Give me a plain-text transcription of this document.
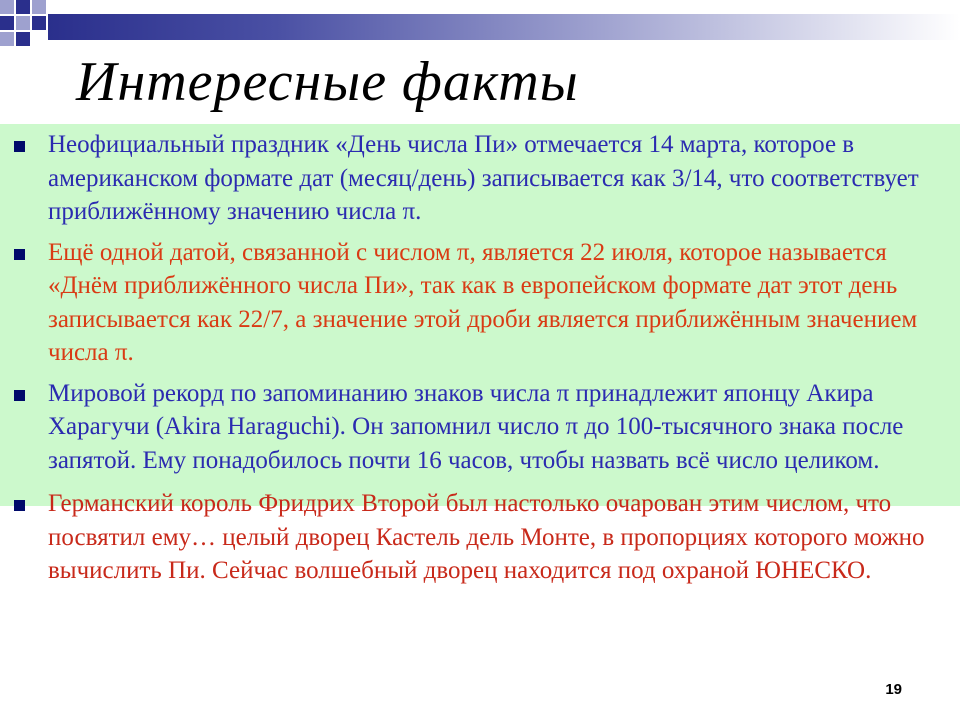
Интересные факты
Неофициальный праздник «День числа Пи» отмечается 14 марта, которое в американском формате дат (месяц/день) записывается как 3/14, что соответствует приближённому значению числа π.
Ещё одной датой, связанной с числом π, является 22 июля, которое называется «Днём приближённого числа Пи», так как в европейском формате дат этот день записывается как 22/7, а значение этой дроби является приближённым значением числа π.
Мировой рекорд по запоминанию знаков числа π принадлежит японцу Акира Харагучи (Akira Haraguchi). Он запомнил число π до 100-тысячного знака после запятой. Ему понадобилось почти 16 часов, чтобы назвать всё число целиком.
Германский король Фридрих Второй был настолько очарован этим числом, что посвятил ему… целый дворец Кастель дель Монте, в пропорциях которого можно вычислить Пи. Сейчас волшебный дворец находится под охраной ЮНЕСКО.
19
